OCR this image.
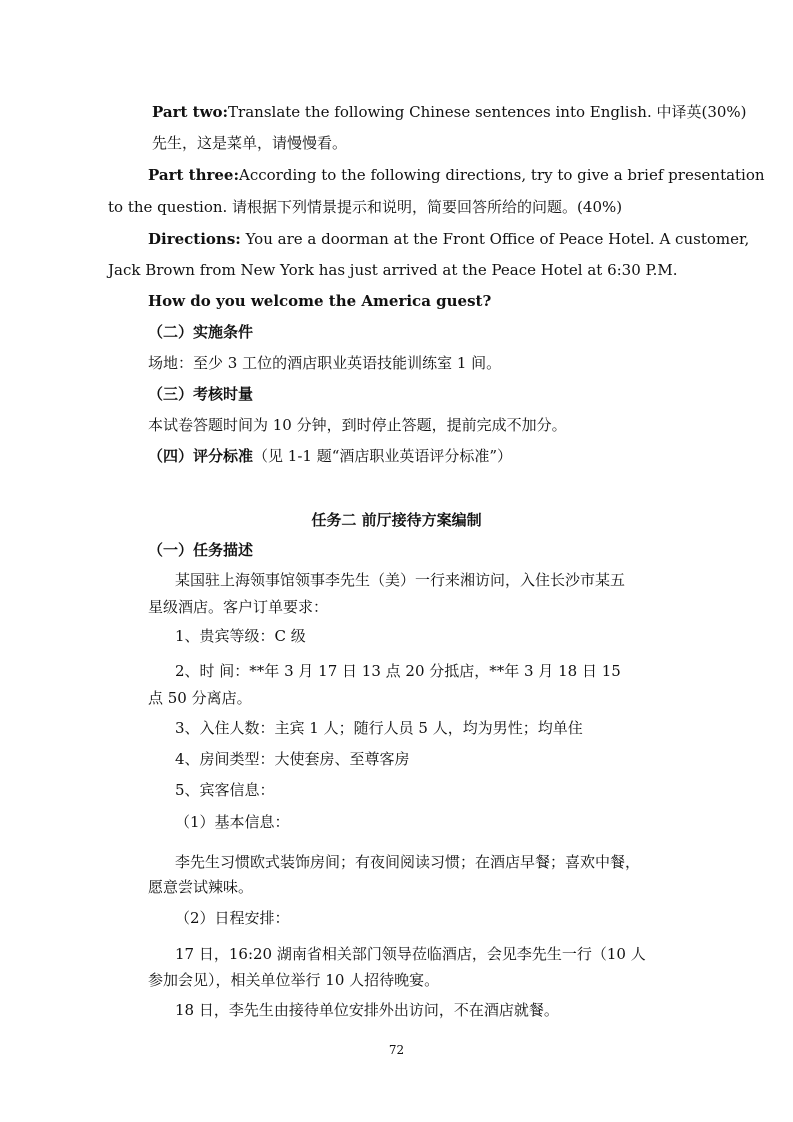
Part two:Translate the following Chinese sentences into English. 中译英(30%)
先生，这是菜单，请慢慢看。
Part three:According to the following directions, try to give a brief presentation
to the question. 请根据下列情景提示和说明，简要回答所给的问题。(40%)
Directions: You are a doorman at the Front Office of Peace Hotel. A customer,
Jack Brown from New York has just arrived at the Peace Hotel at 6:30 P.M.
How do you welcome the America guest?
（二）实施条件
场地：至少 3 工位的酒店职业英语技能训练室 1 间。
（三）考核时量
本试卷答题时间为 10 分钟，到时停止答题，提前完成不加分。
（四）评分标准（见 1-1 题“酒店职业英语评分标准”）
任务二 前厅接待方案编制
（一）任务描述
某国驻上海领事馆领事李先生（美）一行来湘访问，入住长沙市某五
星级酒店。客户订单要求：
1、贵宾等级：C 级
2、时 间：**年 3 月 17 日 13 点 20 分抵店，**年 3 月 18 日 15
点 50 分离店。
3、入住人数：主宾 1 人；随行人员 5 人，均为男性；均单住
4、房间类型：大使套房、至尊客房
5、宾客信息：
（1）基本信息：
李先生习惯欧式装饰房间；有夜间阅读习惯；在酒店早餐；喜欢中餐，
愿意尝试辣味。
（2）日程安排：
17 日，16:20 湖南省相关部门领导莅临酒店，会见李先生一行（10 人
参加会见），相关单位举行 10 人招待晚宴。
18 日，李先生由接待单位安排外出访问，不在酒店就餐。
72
